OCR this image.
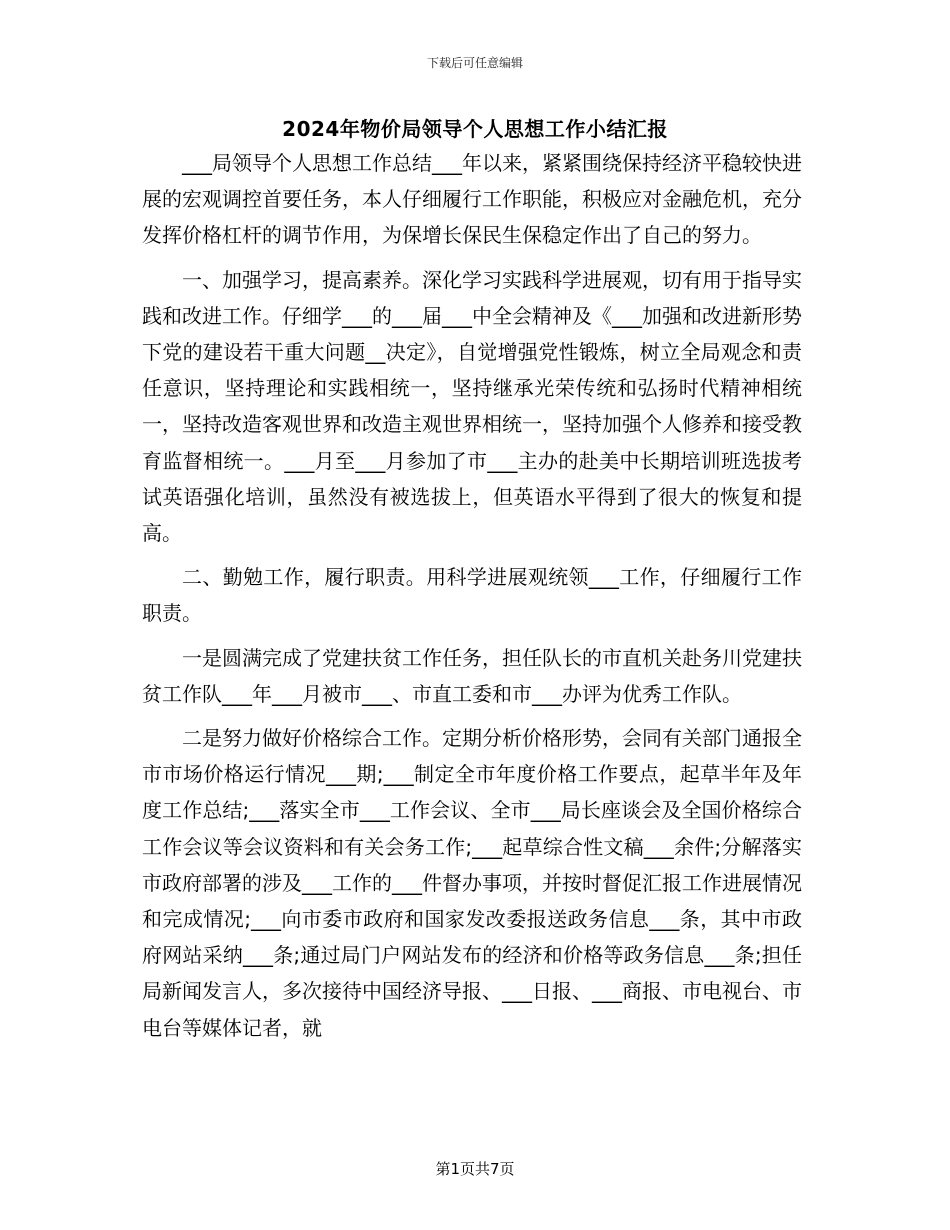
下载后可任意编辑
2024年物价局领导个人思想工作小结汇报

___局领导个人思想工作总结___年以来，紧紧围绕保持经济平稳较快进展的宏观调控首要任务，本人仔细履行工作职能，积极应对金融危机，充分发挥价格杠杆的调节作用，为保增长保民生保稳定作出了自己的努力。

一、加强学习，提高素养。深化学习实践科学进展观，切有用于指导实践和改进工作。仔细学___的___届___中全会精神及《___加强和改进新形势下党的建设若干重大问题__决定》，自觉增强党性锻炼，树立全局观念和责任意识，坚持理论和实践相统一，坚持继承光荣传统和弘扬时代精神相统一，坚持改造客观世界和改造主观世界相统一，坚持加强个人修养和接受教育监督相统一。___月至___月参加了市___主办的赴美中长期培训班选拔考试英语强化培训，虽然没有被选拔上，但英语水平得到了很大的恢复和提高。

二、勤勉工作，履行职责。用科学进展观统领___工作，仔细履行工作职责。

一是圆满完成了党建扶贫工作任务，担任队长的市直机关赴务川党建扶贫工作队___年___月被市___、市直工委和市___办评为优秀工作队。

二是努力做好价格综合工作。定期分析价格形势，会同有关部门通报全市市场价格运行情况___期;___制定全市年度价格工作要点，起草半年及年度工作总结;___落实全市___工作会议、全市___局长座谈会及全国价格综合工作会议等会议资料和有关会务工作;___起草综合性文稿___余件;分解落实市政府部署的涉及___工作的___件督办事项，并按时督促汇报工作进展情况和完成情况;___向市委市政府和国家发改委报送政务信息___条，其中市政府网站采纳___条;通过局门户网站发布的经济和价格等政务信息___条;担任局新闻发言人，多次接待中国经济导报、___日报、___商报、市电视台、市电台等媒体记者，就

第1页共7页
